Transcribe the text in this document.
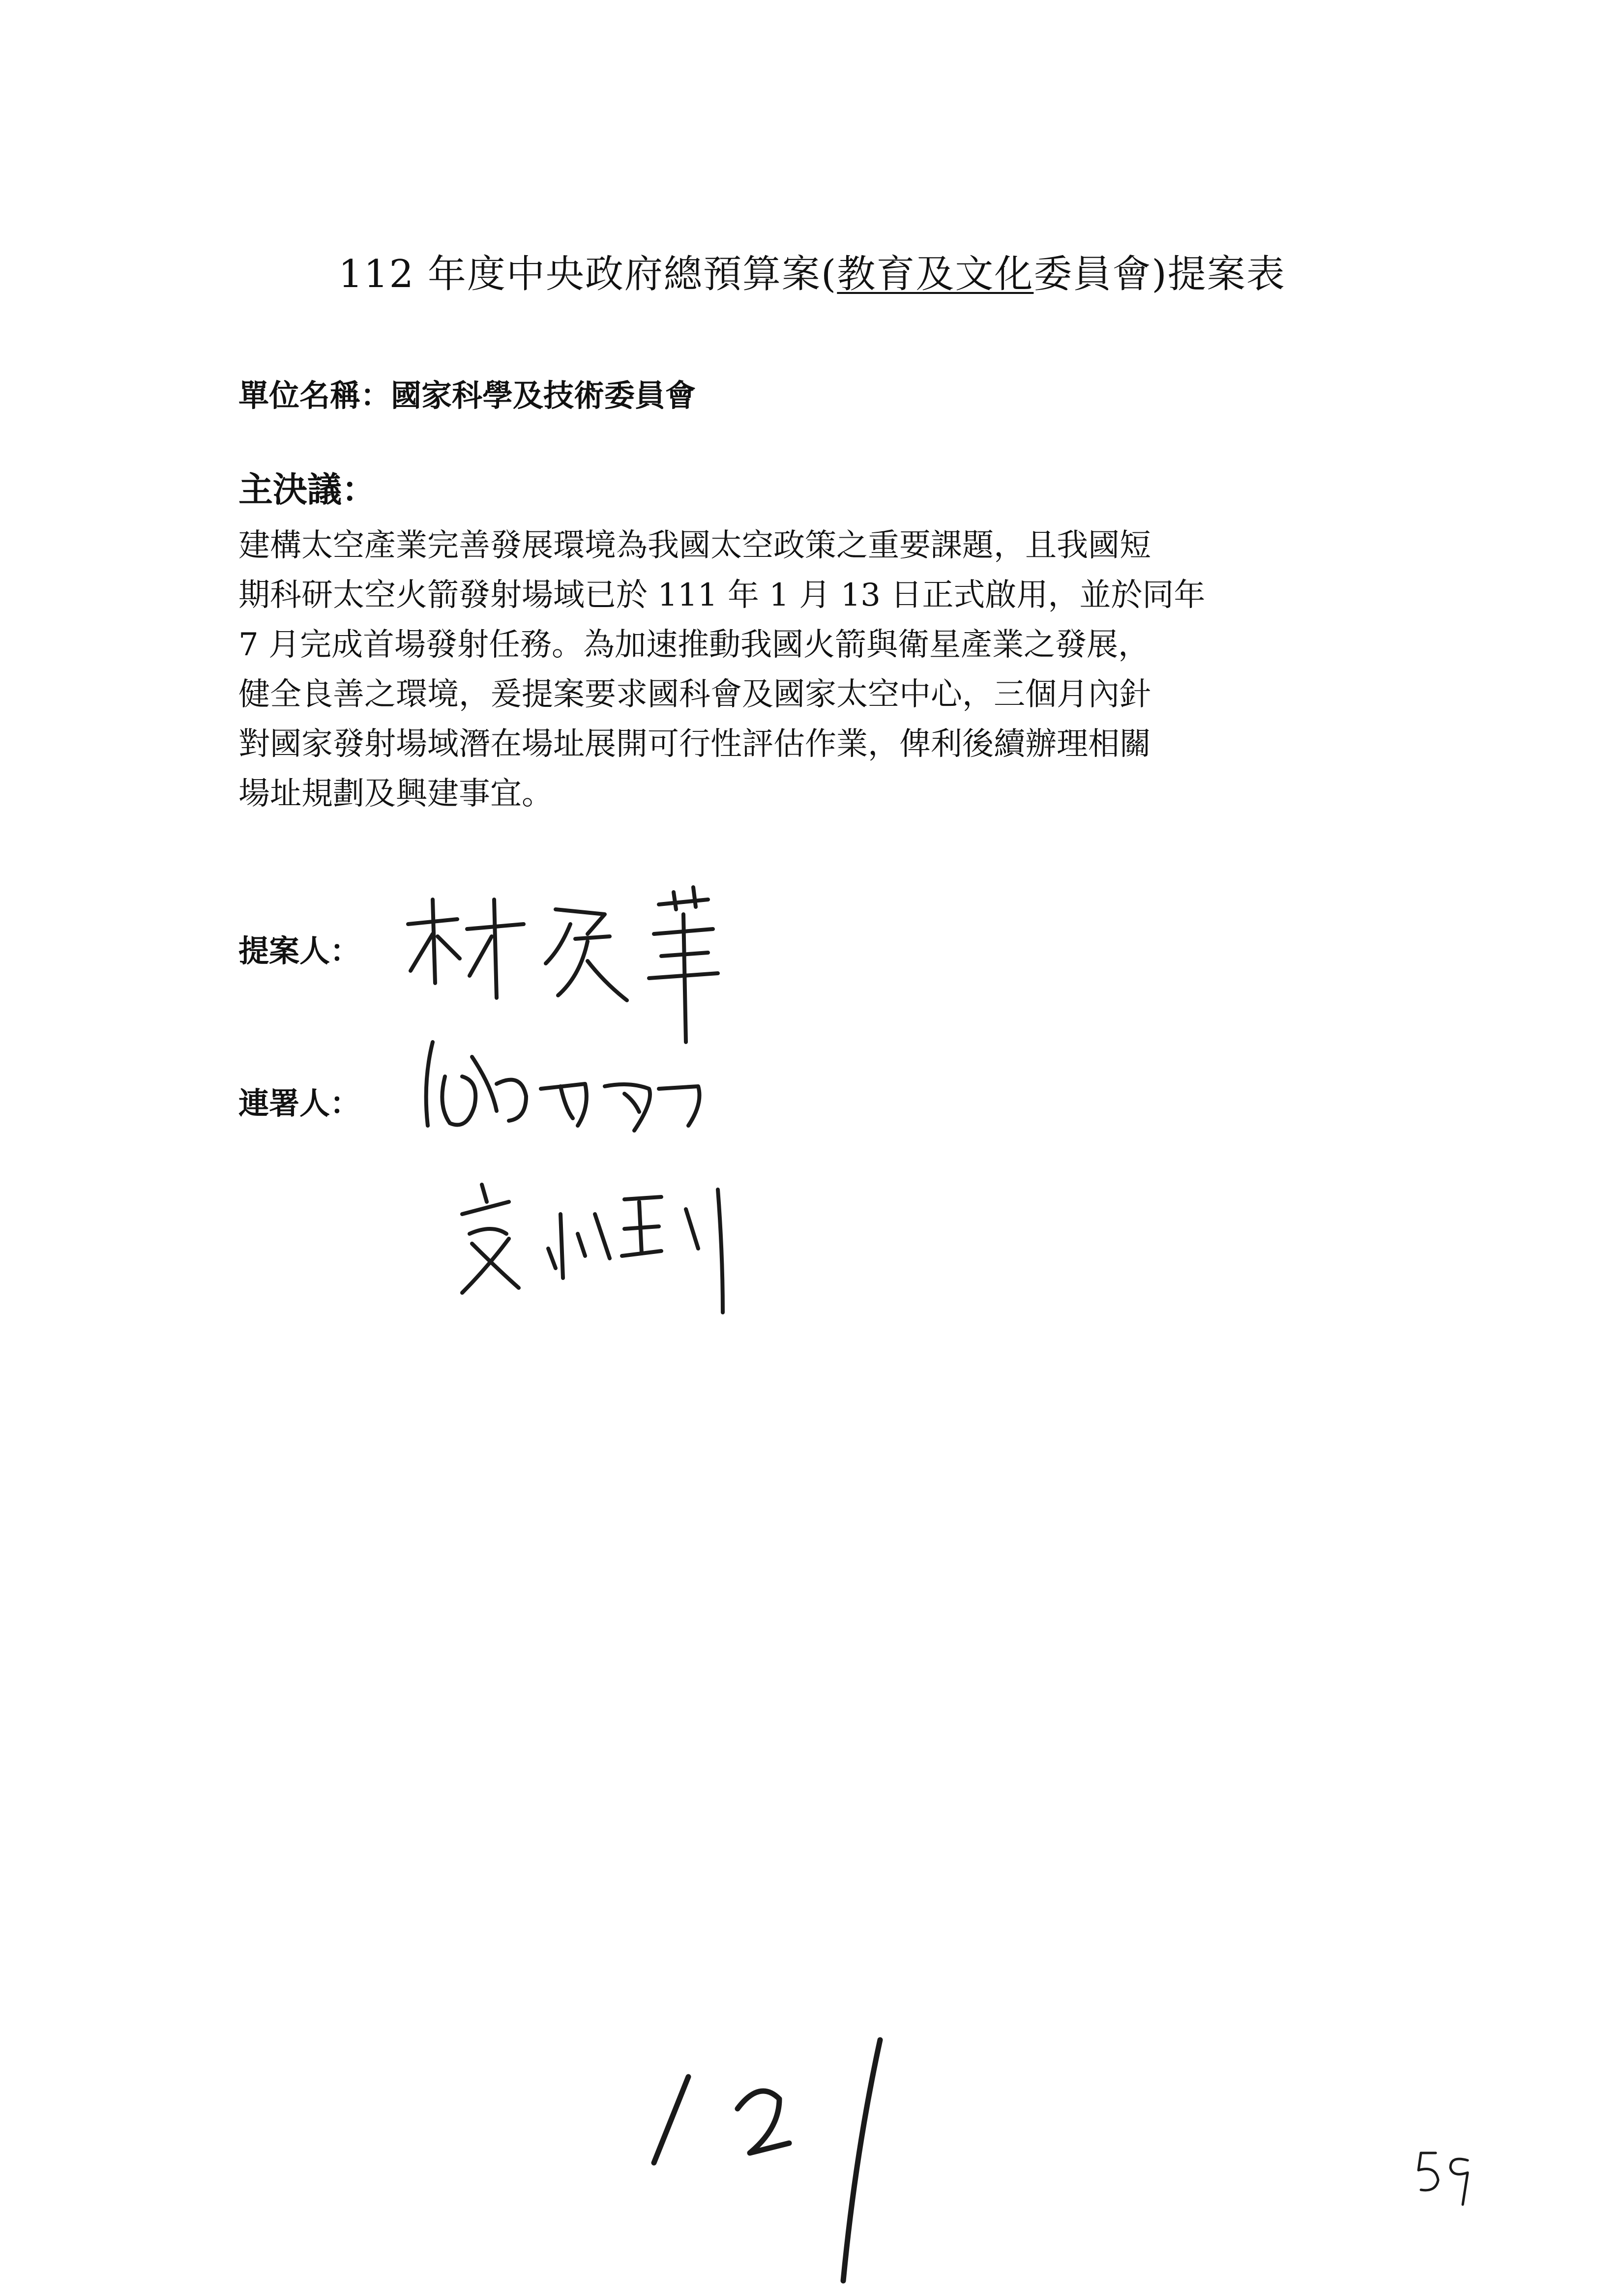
112 年度中央政府總預算案(教育及文化委員會)提案表
單位名稱：國家科學及技術委員會
主決議：
建構太空產業完善發展環境為我國太空政策之重要課題，且我國短
期科研太空火箭發射場域已於 111 年 1 月 13 日正式啟用，並於同年
7 月完成首場發射任務。為加速推動我國火箭與衛星產業之發展，
健全良善之環境，爰提案要求國科會及國家太空中心，三個月內針
對國家發射場域潛在場址展開可行性評估作業，俾利後續辦理相關
場址規劃及興建事宜。
提案人：
連署人：
